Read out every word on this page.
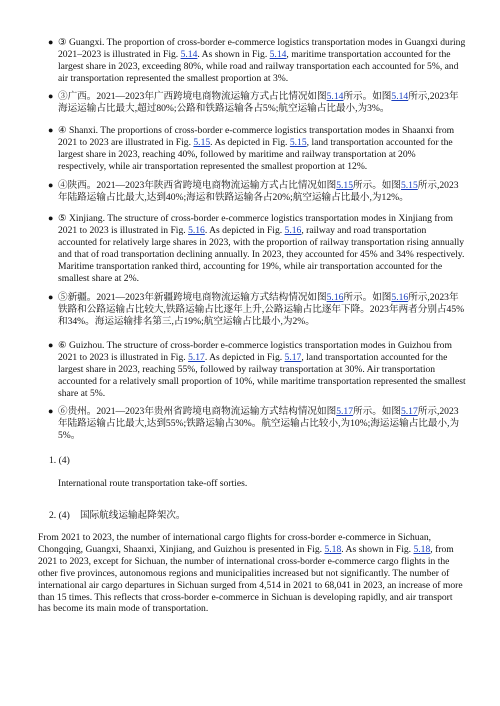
● ③ Guangxi. The proportion of cross-border e-commerce logistics transportation modes in Guangxi during 2021–2023 is illustrated in Fig. 5.14. As shown in Fig. 5.14, maritime transportation accounted for the largest share in 2023, exceeding 80%, while road and railway transportation each accounted for 5%, and air transportation represented the smallest proportion at 3%.
● ③广西。2021—2023年广西跨境电商物流运输方式占比情况如图5.14所示。如图5.14所示,2023年海运运输占比最大,超过80%;公路和铁路运输各占5%;航空运输占比最小,为3%。
● ④ Shanxi. The proportions of cross-border e-commerce logistics transportation modes in Shaanxi from 2021 to 2023 are illustrated in Fig. 5.15. As depicted in Fig. 5.15, land transportation accounted for the largest share in 2023, reaching 40%, followed by maritime and railway transportation at 20% respectively, while air transportation represented the smallest proportion at 12%.
● ④陕西。2021—2023年陕西省跨境电商物流运输方式占比情况如图5.15所示。如图5.15所示,2023年陆路运输占比最大,达到40%;海运和铁路运输各占20%;航空运输占比最小,为12%。
● ⑤ Xinjiang. The structure of cross-border e-commerce logistics transportation modes in Xinjiang from 2021 to 2023 is illustrated in Fig. 5.16. As depicted in Fig. 5.16, railway and road transportation accounted for relatively large shares in 2023, with the proportion of railway transportation rising annually and that of road transportation declining annually. In 2023, they accounted for 45% and 34% respectively. Maritime transportation ranked third, accounting for 19%, while air transportation accounted for the smallest share at 2%.
● ⑤新疆。2021—2023年新疆跨境电商物流运输方式结构情况如图5.16所示。如图5.16所示,2023年铁路和公路运输占比较大,铁路运输占比逐年上升,公路运输占比逐年下降。2023年两者分别占45%和34%。海运运输排名第三,占19%;航空运输占比最小,为2%。
● ⑥ Guizhou. The structure of cross-border e-commerce logistics transportation modes in Guizhou from 2021 to 2023 is illustrated in Fig. 5.17. As depicted in Fig. 5.17, land transportation accounted for the largest share in 2023, reaching 55%, followed by railway transportation at 30%. Air transportation accounted for a relatively small proportion of 10%, while maritime transportation represented the smallest share at 5%.
● ⑥贵州。2021—2023年贵州省跨境电商物流运输方式结构情况如图5.17所示。如图5.17所示,2023年陆路运输占比最大,达到55%;铁路运输占30%。航空运输占比较小,为10%;海运运输占比最小,为5%。
1. (4)
International route transportation take-off sorties.
2. (4) 国际航线运输起降架次。
From 2021 to 2023, the number of international cargo flights for cross-border e-commerce in Sichuan, Chongqing, Guangxi, Shaanxi, Xinjiang, and Guizhou is presented in Fig. 5.18. As shown in Fig. 5.18, from 2021 to 2023, except for Sichuan, the number of international cross-border e-commerce cargo flights in the other five provinces, autonomous regions and municipalities increased but not significantly. The number of international air cargo departures in Sichuan surged from 4,514 in 2021 to 68,041 in 2023, an increase of more than 15 times. This reflects that cross-border e-commerce in Sichuan is developing rapidly, and air transport has become its main mode of transportation.
